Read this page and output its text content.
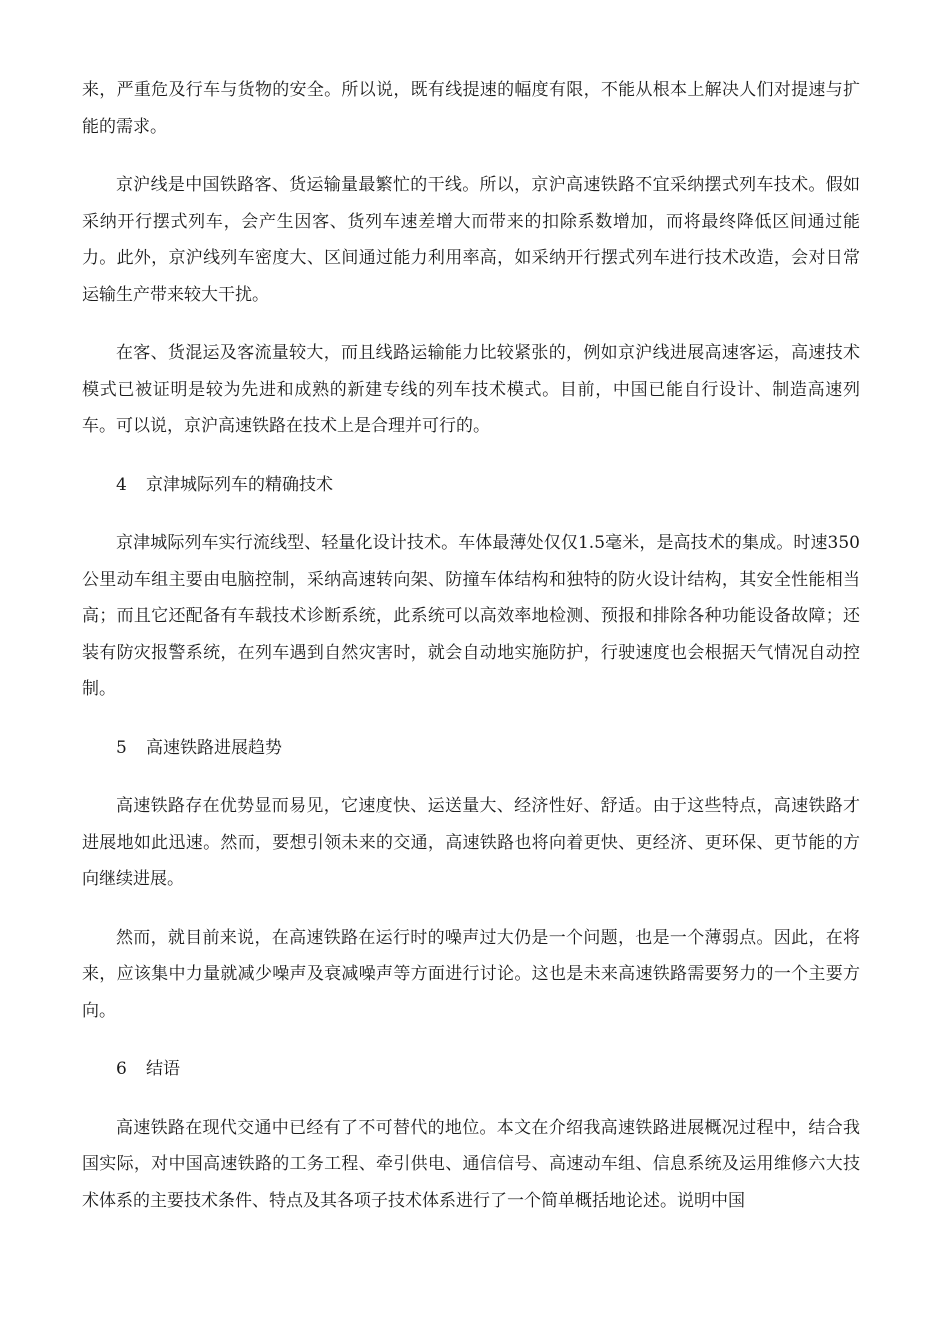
来，严重危及行车与货物的安全。所以说，既有线提速的幅度有限，不能从根本上解决人们对提速与扩能的需求。

京沪线是中国铁路客、货运输量最繁忙的干线。所以，京沪高速铁路不宜采纳摆式列车技术。假如采纳开行摆式列车，会产生因客、货列车速差增大而带来的扣除系数增加，而将最终降低区间通过能力。此外，京沪线列车密度大、区间通过能力利用率高，如采纳开行摆式列车进行技术改造，会对日常运输生产带来较大干扰。

在客、货混运及客流量较大，而且线路运输能力比较紧张的，例如京沪线进展高速客运，高速技术模式已被证明是较为先进和成熟的新建专线的列车技术模式。目前，中国已能自行设计、制造高速列车。可以说，京沪高速铁路在技术上是合理并可行的。

4 京津城际列车的精确技术

京津城际列车实行流线型、轻量化设计技术。车体最薄处仅仅1.5毫米，是高技术的集成。时速350公里动车组主要由电脑控制，采纳高速转向架、防撞车体结构和独特的防火设计结构，其安全性能相当高；而且它还配备有车载技术诊断系统，此系统可以高效率地检测、预报和排除各种功能设备故障；还装有防灾报警系统，在列车遇到自然灾害时，就会自动地实施防护，行驶速度也会根据天气情况自动控制。

5 高速铁路进展趋势

高速铁路存在优势显而易见，它速度快、运送量大、经济性好、舒适。由于这些特点，高速铁路才进展地如此迅速。然而，要想引领未来的交通，高速铁路也将向着更快、更经济、更环保、更节能的方向继续进展。

然而，就目前来说，在高速铁路在运行时的噪声过大仍是一个问题，也是一个薄弱点。因此，在将来，应该集中力量就减少噪声及衰减噪声等方面进行讨论。这也是未来高速铁路需要努力的一个主要方向。

6 结语

高速铁路在现代交通中已经有了不可替代的地位。本文在介绍我高速铁路进展概况过程中，结合我国实际，对中国高速铁路的工务工程、牵引供电、通信信号、高速动车组、信息系统及运用维修六大技术体系的主要技术条件、特点及其各项子技术体系进行了一个简单概括地论述。说明中国
